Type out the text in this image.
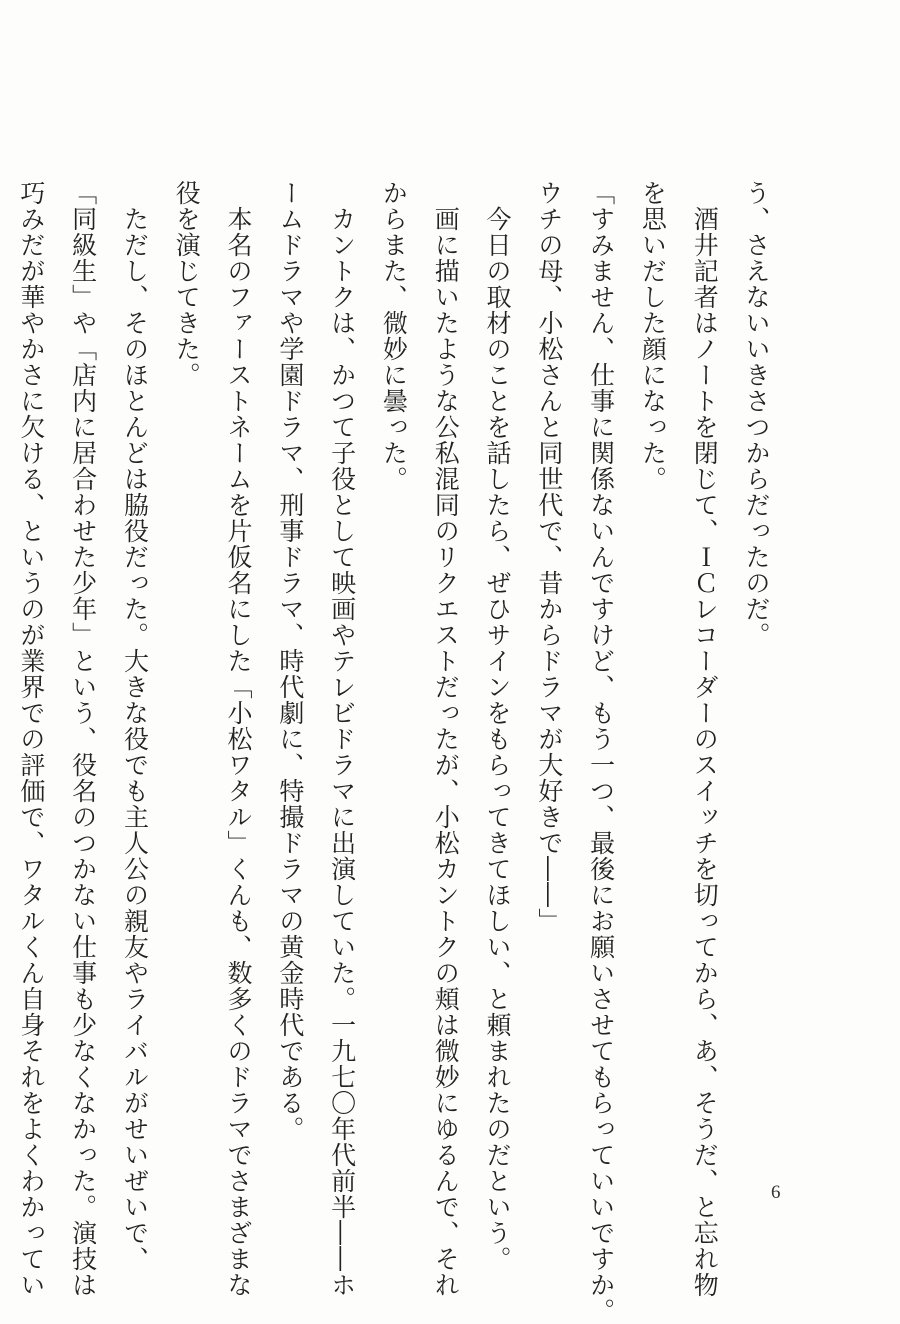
う、さえないいきさつからだったのだ。
　酒井記者はノートを閉じて、ＩＣレコーダーのスイッチを切ってから、あ、そうだ、と忘れ物
を思いだした顔になった。
「すみません、仕事に関係ないんですけど、もう一つ、最後にお願いさせてもらっていいですか。
ウチの母、小松さんと同世代で、昔からドラマが大好きで――」
　今日の取材のことを話したら、ぜひサインをもらってきてほしい、と頼まれたのだという。
　画に描いたような公私混同のリクエストだったが、小松カントクの頬は微妙にゆるんで、それ
からまた、微妙に曇った。
　カントクは、かつて子役として映画やテレビドラマに出演していた。一九七〇年代前半――ホ
ームドラマや学園ドラマ、刑事ドラマ、時代劇に、特撮ドラマの黄金時代である。
　本名のファーストネームを片仮名にした「小松ワタル」くんも、数多くのドラマでさまざまな
役を演じてきた。
　ただし、そのほとんどは脇役だった。大きな役でも主人公の親友やライバルがせいぜいで、
「同級生」や「店内に居合わせた少年」という、役名のつかない仕事も少なくなかった。演技は
巧みだが華やかさに欠ける、というのが業界での評価で、ワタルくん自身それをよくわかってい	6
